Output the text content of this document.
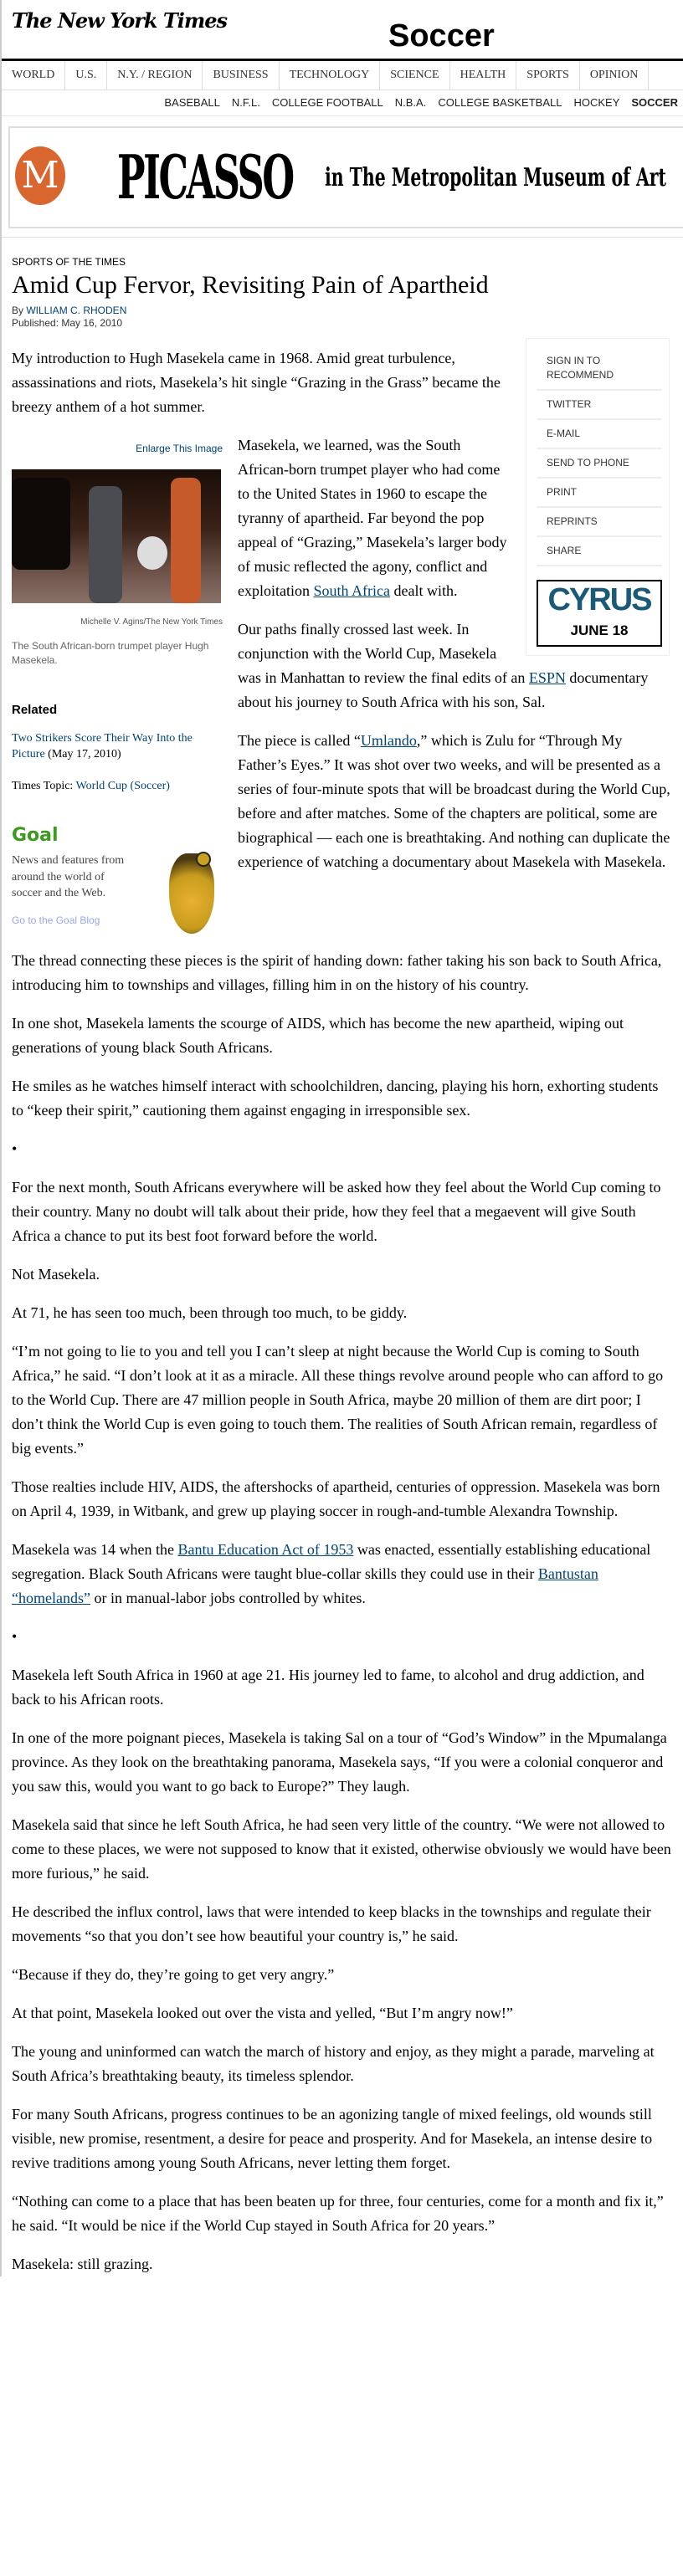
The New York Times	Soccer
WORLD	U.S.	N.Y. / REGION	BUSINESS	TECHNOLOGY	SCIENCE	HEALTH	SPORTS	OPINION
BASEBALL N.F.L. COLLEGE FOOTBALL N.B.A. COLLEGE BASKETBALL HOCKEY SOCCER
M PICASSO in The Metropolitan Museum of Art
SPORTS OF THE TIMES
Amid Cup Fervor, Revisiting Pain of Apartheid
By WILLIAM C. RHODEN
Published: May 16, 2010
SIGN IN TO RECOMMEND
TWITTER
E-MAIL
SEND TO PHONE
PRINT
REPRINTS
SHARE
CYRUS
JUNE 18

My introduction to Hugh Masekela came in 1968. Amid great turbulence, assassinations and riots, Masekela’s hit single “Grazing in the Grass” became the breezy anthem of a hot summer.

Enlarge This Image
Michelle V. Agins/The New York Times
The South African-born trumpet player Hugh Masekela.
Related
Two Strikers Score Their Way Into the Picture (May 17, 2010)
Times Topic: World Cup (Soccer)
Goal
News and features from around the world of soccer and the Web.
Go to the Goal Blog

Masekela, we learned, was the South African-born trumpet player who had come to the United States in 1960 to escape the tyranny of apartheid. Far beyond the pop appeal of “Grazing,” Masekela’s larger body of music reflected the agony, conflict and exploitation South Africa dealt with.

Our paths finally crossed last week. In conjunction with the World Cup, Masekela was in Manhattan to review the final edits of an ESPN documentary about his journey to South Africa with his son, Sal.

The piece is called “Umlando,” which is Zulu for “Through My Father’s Eyes.” It was shot over two weeks, and will be presented as a series of four-minute spots that will be broadcast during the World Cup, before and after matches. Some of the chapters are political, some are biographical — each one is breathtaking. And nothing can duplicate the experience of watching a documentary about Masekela with Masekela.

The thread connecting these pieces is the spirit of handing down: father taking his son back to South Africa, introducing him to townships and villages, filling him in on the history of his country.

In one shot, Masekela laments the scourge of AIDS, which has become the new apartheid, wiping out generations of young black South Africans.

He smiles as he watches himself interact with schoolchildren, dancing, playing his horn, exhorting students to “keep their spirit,” cautioning them against engaging in irresponsible sex.

•

For the next month, South Africans everywhere will be asked how they feel about the World Cup coming to their country. Many no doubt will talk about their pride, how they feel that a megaevent will give South Africa a chance to put its best foot forward before the world.

Not Masekela.

At 71, he has seen too much, been through too much, to be giddy.

“I’m not going to lie to you and tell you I can’t sleep at night because the World Cup is coming to South Africa,” he said. “I don’t look at it as a miracle. All these things revolve around people who can afford to go to the World Cup. There are 47 million people in South Africa, maybe 20 million of them are dirt poor; I don’t think the World Cup is even going to touch them. The realities of South African remain, regardless of big events.”

Those realties include HIV, AIDS, the aftershocks of apartheid, centuries of oppression. Masekela was born on April 4, 1939, in Witbank, and grew up playing soccer in rough-and-tumble Alexandra Township.

Masekela was 14 when the Bantu Education Act of 1953 was enacted, essentially establishing educational segregation. Black South Africans were taught blue-collar skills they could use in their Bantustan “homelands” or in manual-labor jobs controlled by whites.

•

Masekela left South Africa in 1960 at age 21. His journey led to fame, to alcohol and drug addiction, and back to his African roots.

In one of the more poignant pieces, Masekela is taking Sal on a tour of “God’s Window” in the Mpumalanga province. As they look on the breathtaking panorama, Masekela says, “If you were a colonial conqueror and you saw this, would you want to go back to Europe?” They laugh.

Masekela said that since he left South Africa, he had seen very little of the country. “We were not allowed to come to these places, we were not supposed to know that it existed, otherwise obviously we would have been more furious,” he said.

He described the influx control, laws that were intended to keep blacks in the townships and regulate their movements “so that you don’t see how beautiful your country is,” he said.

“Because if they do, they’re going to get very angry.”

At that point, Masekela looked out over the vista and yelled, “But I’m angry now!”

The young and uninformed can watch the march of history and enjoy, as they might a parade, marveling at South Africa’s breathtaking beauty, its timeless splendor.

For many South Africans, progress continues to be an agonizing tangle of mixed feelings, old wounds still visible, new promise, resentment, a desire for peace and prosperity. And for Masekela, an intense desire to revive traditions among young South Africans, never letting them forget.

“Nothing can come to a place that has been beaten up for three, four centuries, come for a month and fix it,” he said. “It would be nice if the World Cup stayed in South Africa for 20 years.”

Masekela: still grazing.
